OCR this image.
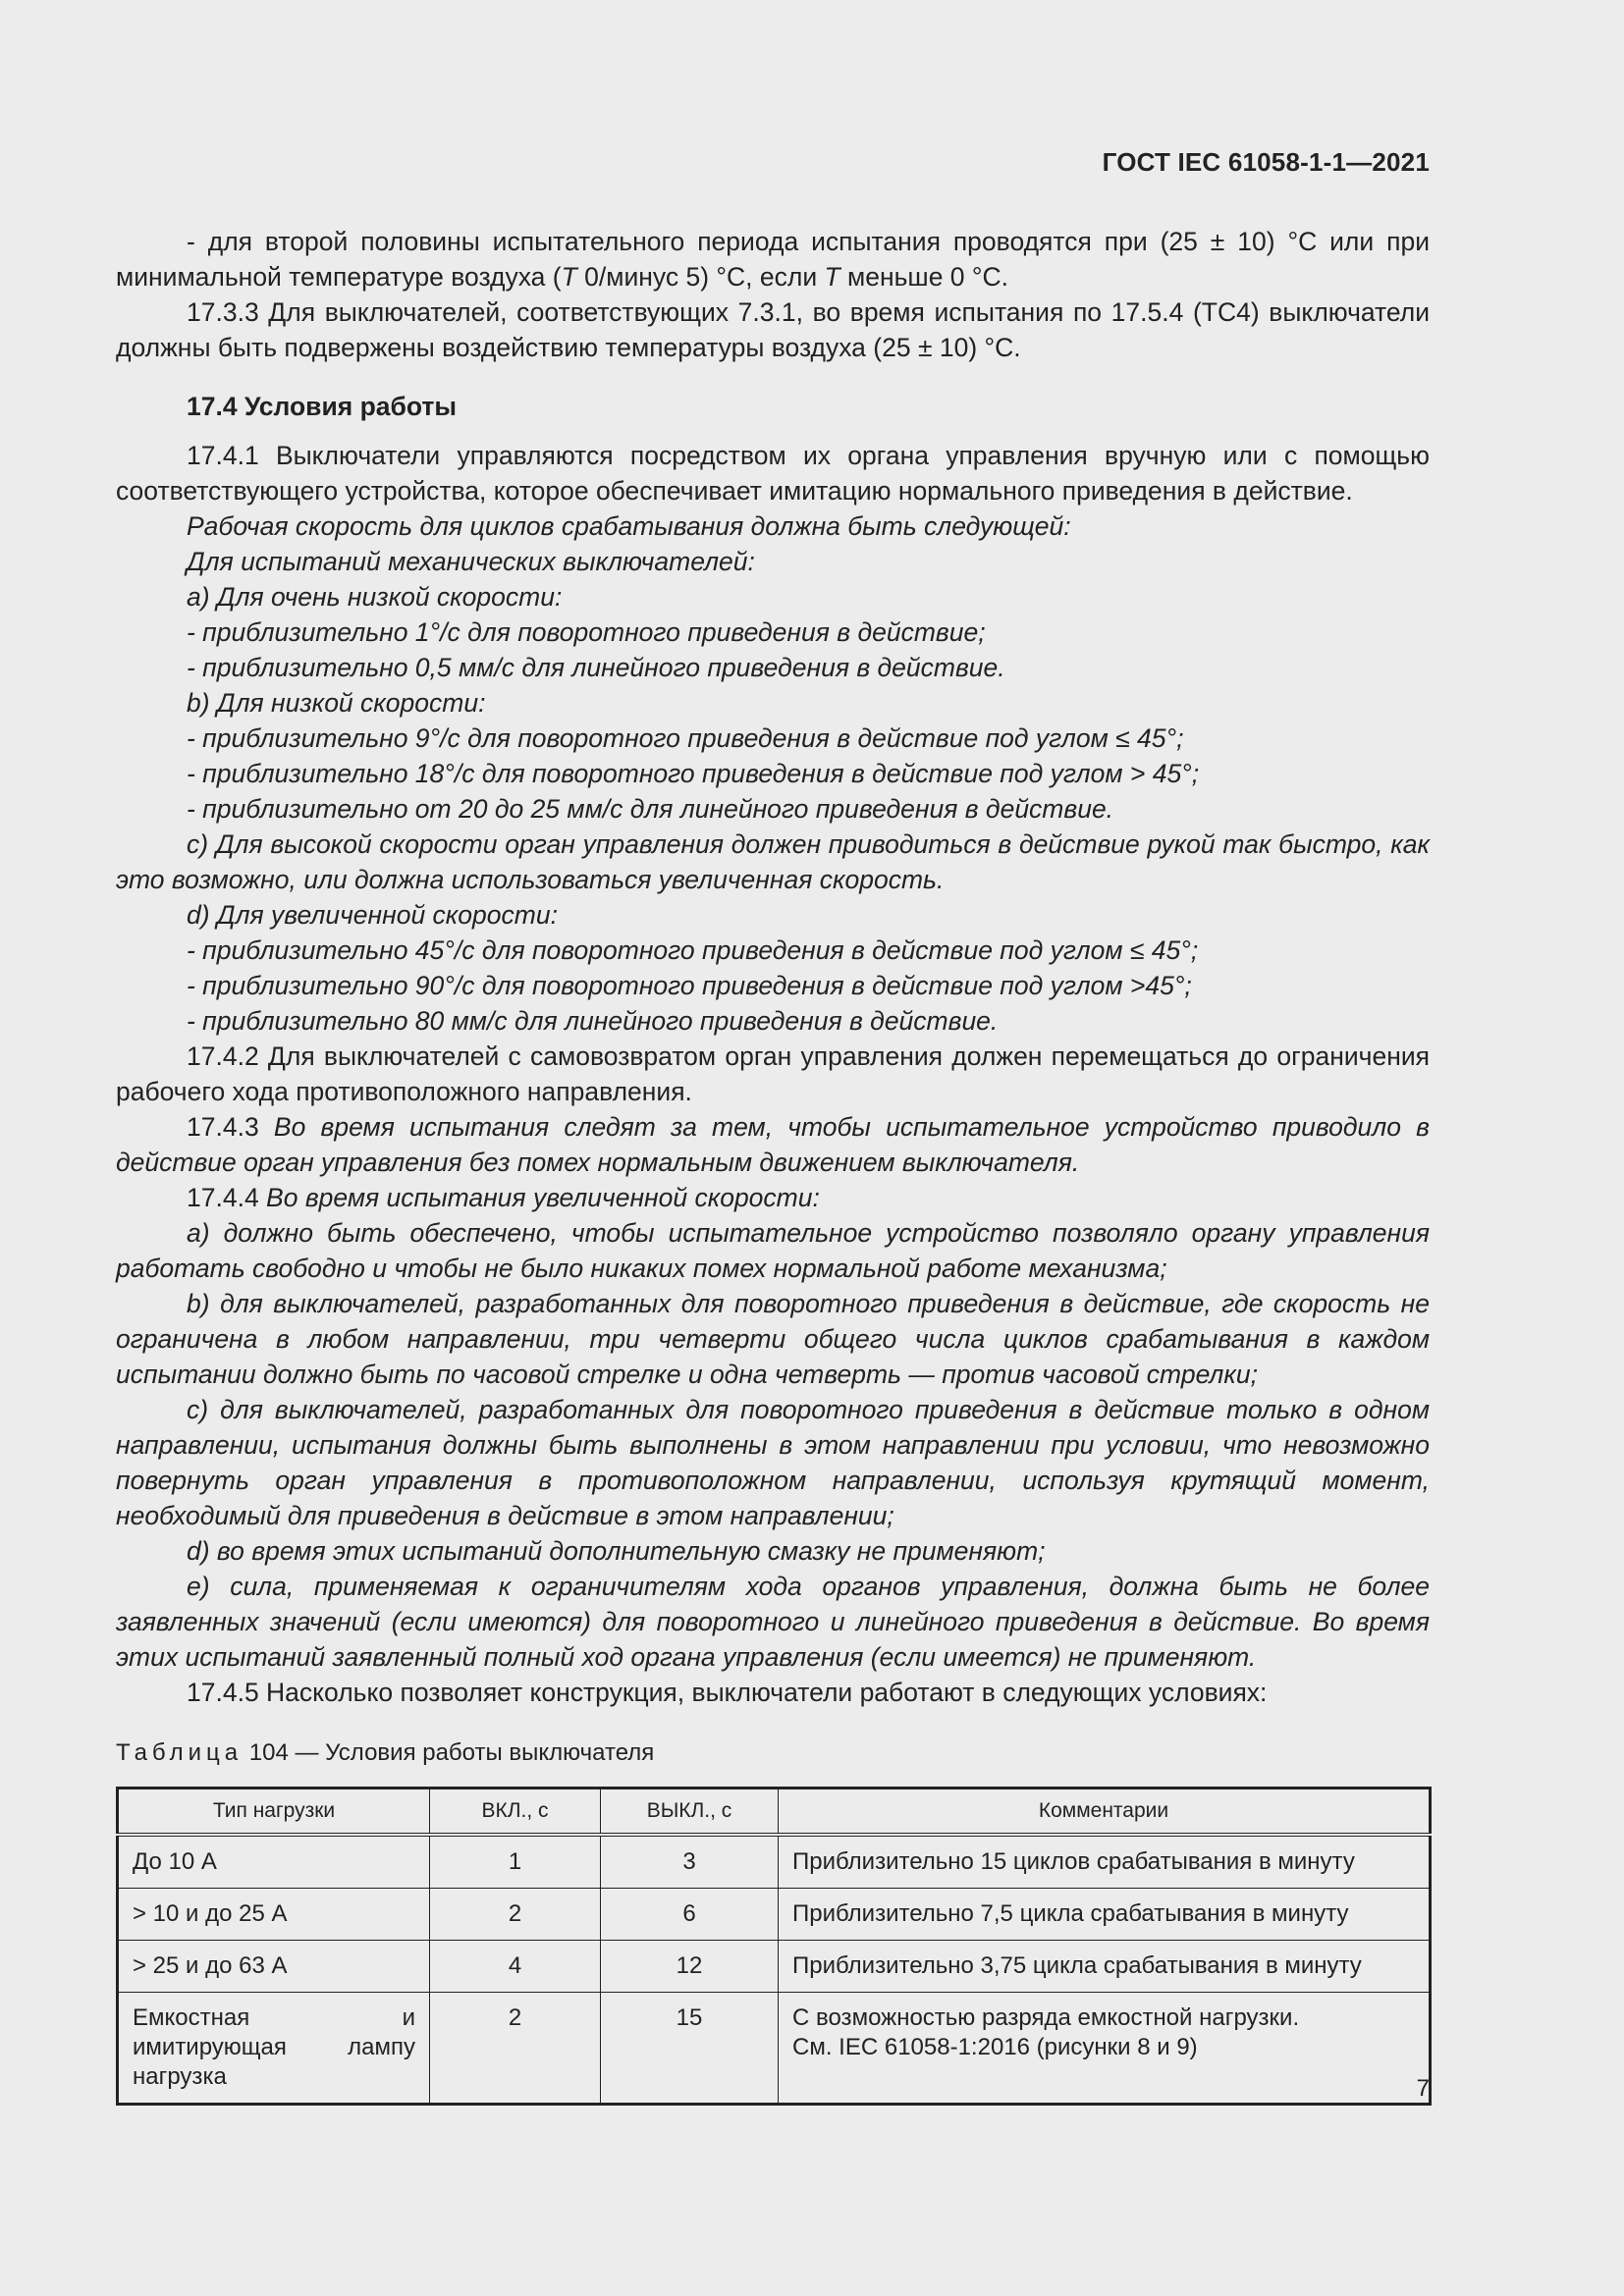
ГОСТ IEC 61058-1-1—2021

- для второй половины испытательного периода испытания проводятся при (25 ± 10) °С или при минимальной температуре воздуха (T 0/минус 5) °С, если T меньше 0 °С.

17.3.3 Для выключателей, соответствующих 7.3.1, во время испытания по 17.5.4 (ТС4) выключатели должны быть подвержены воздействию температуры воздуха (25 ± 10) °С.

17.4 Условия работы

17.4.1 Выключатели управляются посредством их органа управления вручную или с помощью соответствующего устройства, которое обеспечивает имитацию нормального приведения в действие.

Рабочая скорость для циклов срабатывания должна быть следующей:

Для испытаний механических выключателей:

a) Для очень низкой скорости:

- приблизительно 1°/с для поворотного приведения в действие;

- приблизительно 0,5 мм/с для линейного приведения в действие.

b) Для низкой скорости:

- приблизительно 9°/с для поворотного приведения в действие под углом ≤ 45°;

- приблизительно 18°/с для поворотного приведения в действие под углом > 45°;

- приблизительно от 20 до 25 мм/с для линейного приведения в действие.

c) Для высокой скорости орган управления должен приводиться в действие рукой так быстро, как это возможно, или должна использоваться увеличенная скорость.

d) Для увеличенной скорости:

- приблизительно 45°/с для поворотного приведения в действие под углом ≤ 45°;

- приблизительно 90°/с для поворотного приведения в действие под углом >45°;

- приблизительно 80 мм/с для линейного приведения в действие.

17.4.2 Для выключателей с самовозвратом орган управления должен перемещаться до ограничения рабочего хода противоположного направления.

17.4.3 Во время испытания следят за тем, чтобы испытательное устройство приводило в действие орган управления без помех нормальным движением выключателя.

17.4.4 Во время испытания увеличенной скорости:

a) должно быть обеспечено, чтобы испытательное устройство позволяло органу управления работать свободно и чтобы не было никаких помех нормальной работе механизма;

b) для выключателей, разработанных для поворотного приведения в действие, где скорость не ограничена в любом направлении, три четверти общего числа циклов срабатывания в каждом испытании должно быть по часовой стрелке и одна четверть — против часовой стрелки;

c) для выключателей, разработанных для поворотного приведения в действие только в одном направлении, испытания должны быть выполнены в этом направлении при условии, что невозможно повернуть орган управления в противоположном направлении, используя крутящий момент, необходимый для приведения в действие в этом направлении;

d) во время этих испытаний дополнительную смазку не применяют;

e) сила, применяемая к ограничителям хода органов управления, должна быть не более заявленных значений (если имеются) для поворотного и линейного приведения в действие. Во время этих испытаний заявленный полный ход органа управления (если имеется) не применяют.

17.4.5 Насколько позволяет конструкция, выключатели работают в следующих условиях:

Таблица 104 — Условия работы выключателя

Тип нагрузки	ВКЛ., с	ВЫКЛ., с	Комментарии
До 10 А	1	3	Приблизительно 15 циклов срабатывания в минуту
> 10 и до 25 А	2	6	Приблизительно 7,5 цикла срабатывания в минуту
> 25 и до 63 А	4	12	Приблизительно 3,75 цикла срабатывания в минуту
Емкостная и имитирующая лампу нагрузка	2	15	С возможностью разряда емкостной нагрузки.
См. IEC 61058-1:2016 (рисунки 8 и 9)
7
